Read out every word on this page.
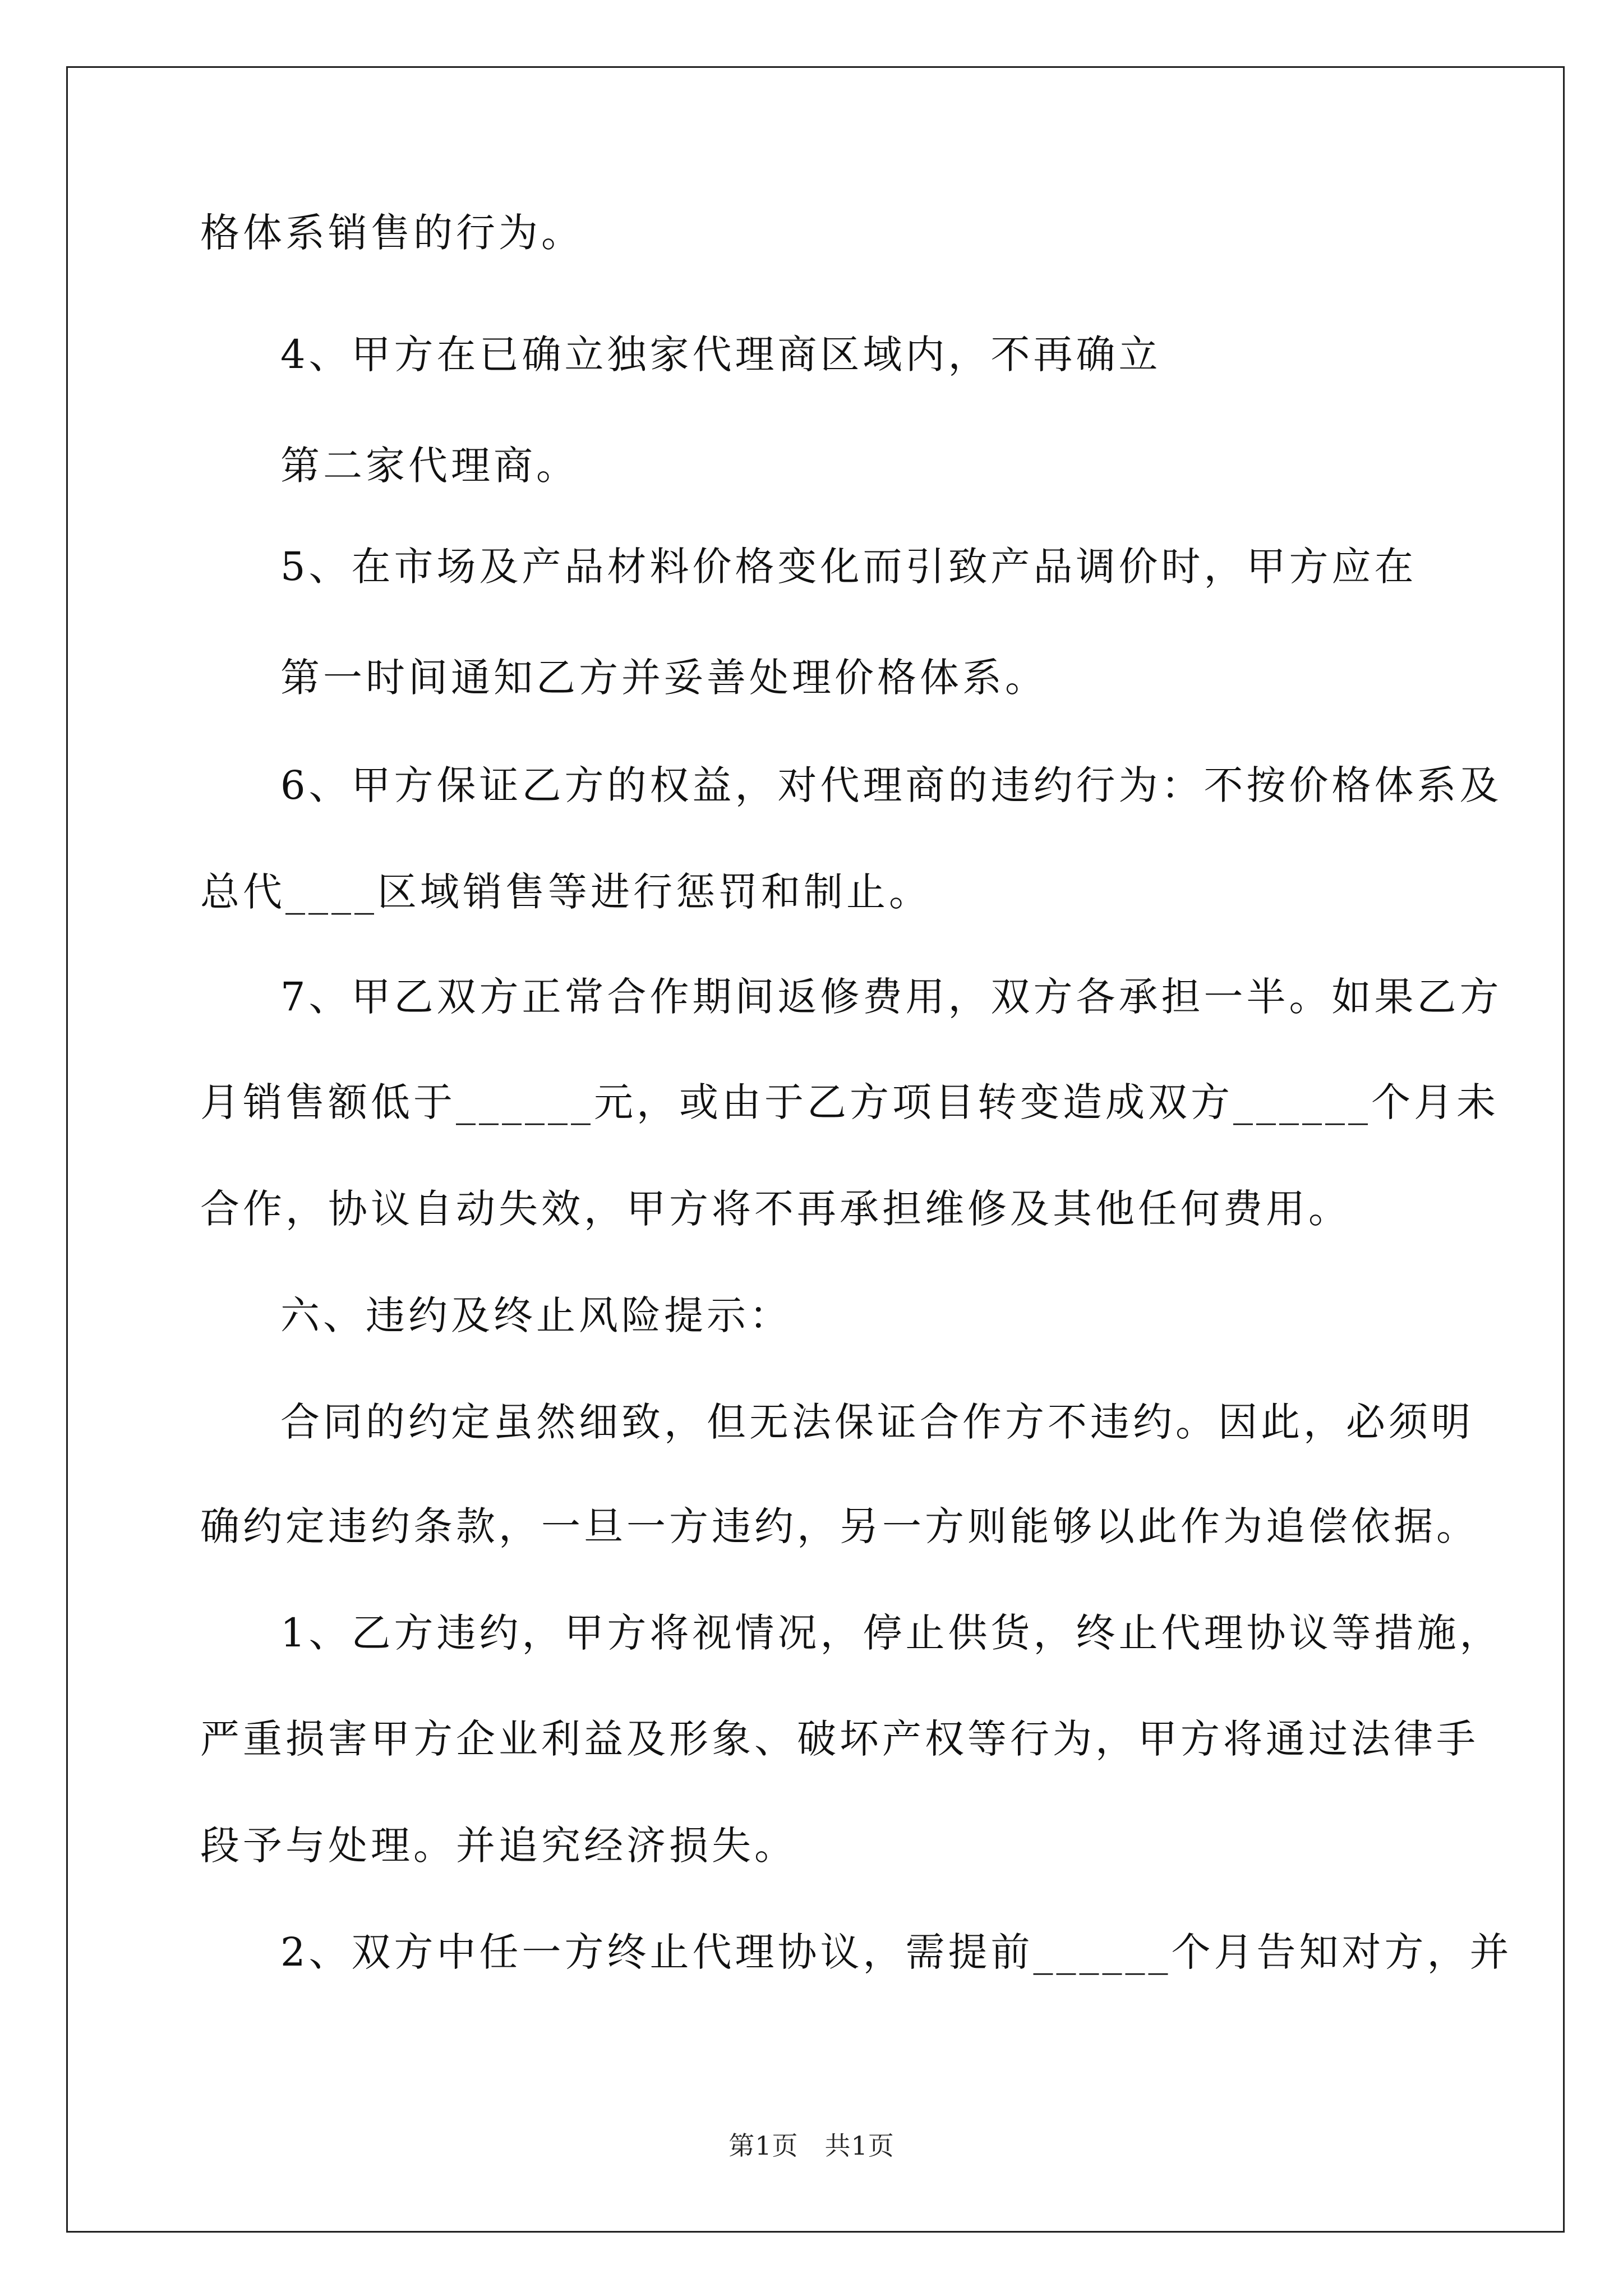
格体系销售的行为。

4、甲方在已确立独家代理商区域内，不再确立

第二家代理商。

5、在市场及产品材料价格变化而引致产品调价时，甲方应在

第一时间通知乙方并妥善处理价格体系。

6、甲方保证乙方的权益，对代理商的违约行为：不按价格体系及

总代____区域销售等进行惩罚和制止。

7、甲乙双方正常合作期间返修费用，双方各承担一半。如果乙方

月销售额低于______元，或由于乙方项目转变造成双方______个月未

合作，协议自动失效，甲方将不再承担维修及其他任何费用。

六、违约及终止风险提示：

合同的约定虽然细致，但无法保证合作方不违约。因此，必须明

确约定违约条款，一旦一方违约，另一方则能够以此作为追偿依据。

1、乙方违约，甲方将视情况，停止供货，终止代理协议等措施，

严重损害甲方企业利益及形象、破坏产权等行为，甲方将通过法律手

段予与处理。并追究经济损失。

2、双方中任一方终止代理协议，需提前______个月告知对方，并

第1页　共1页
